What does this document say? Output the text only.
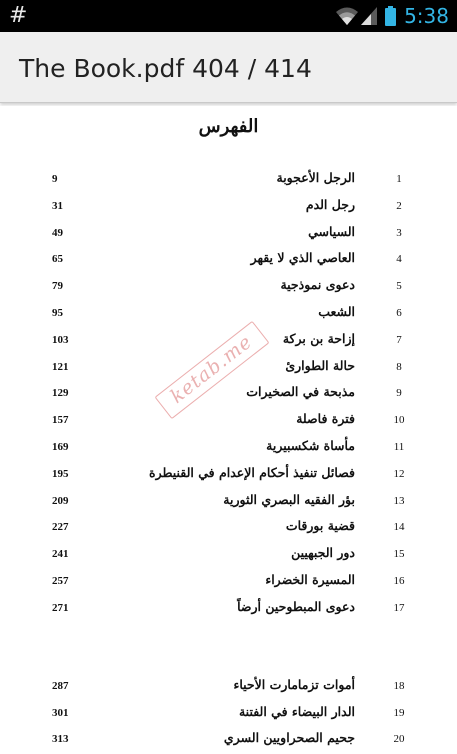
#	5:38
The Book.pdf 404 / 414
الفهرس
ketab.me
9	الرجل الأعجوبة	1
31	رجل الدم	2
49	السياسي	3
65	العاصي الذي لا يقهر	4
79	دعوى نموذجية	5
95	الشعب	6
103	إزاحة بن بركة	7
121	حالة الطوارئ	8
129	مذبحة في الصخيرات	9
157	فترة فاصلة	10
169	مأساة شكسبيرية	11
195	فصائل تنفيذ أحكام الإعدام في القنيطرة	12
209	بؤر الفقيه البصري الثورية	13
227	قضية بورقات	14
241	دور الجبهيين	15
257	المسيرة الخضراء	16
271	دعوى المبطوحين أرضاً	17
287	أموات تزمامارت الأحياء	18
301	الدار البيضاء في الفتنة	19
313	جحيم الصحراويين السري	20
